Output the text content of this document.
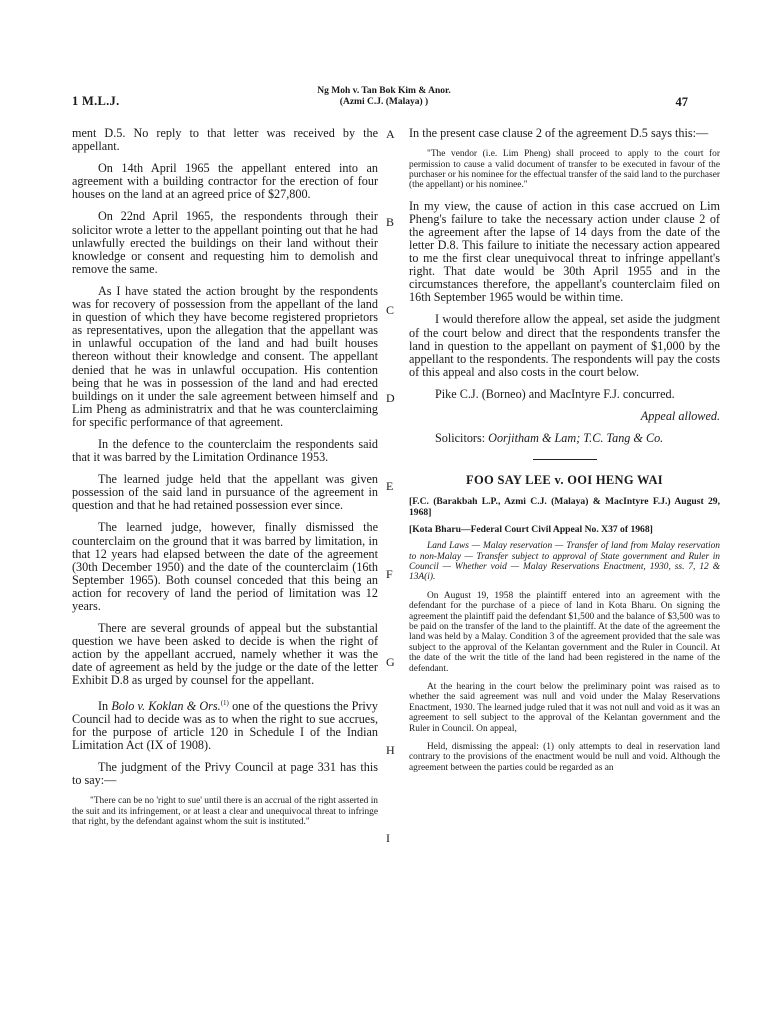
1 M.L.J.
Ng Moh v. Tan Bok Kim & Anor.
(Azmi C.J. (Malaya) )	47

ment D.5. No reply to that letter was received by the appellant.

On 14th April 1965 the appellant entered into an agreement with a building contractor for the erection of four houses on the land at an agreed price of $27,800.

On 22nd April 1965, the respondents through their solicitor wrote a letter to the appellant pointing out that he had unlawfully erected the buildings on their land without their knowledge or consent and requesting him to demolish and remove the same.

As I have stated the action brought by the respondents was for recovery of possession from the appellant of the land in question of which they have become registered proprietors as representatives, upon the allegation that the appellant was in unlawful occupation of the land and had built houses thereon without their knowledge and consent. The appellant denied that he was in unlawful occupation. His contention being that he was in possession of the land and had erected buildings on it under the sale agreement between himself and Lim Pheng as administratrix and that he was counterclaiming for specific performance of that agreement.

In the defence to the counterclaim the respondents said that it was barred by the Limitation Ordinance 1953.

The learned judge held that the appellant was given possession of the said land in pursuance of the agreement in question and that he had retained possession ever since.

The learned judge, however, finally dismissed the counterclaim on the ground that it was barred by limitation, in that 12 years had elapsed between the date of the agreement (30th December 1950) and the date of the counterclaim (16th September 1965). Both counsel conceded that this being an action for recovery of land the period of limitation was 12 years.

There are several grounds of appeal but the substantial question we have been asked to decide is when the right of action by the appellant accrued, namely whether it was the date of agreement as held by the judge or the date of the letter Exhibit D.8 as urged by counsel for the appellant.

In Bolo v. Koklan & Ors.$^{(1)}$ one of the questions the Privy Council had to decide was as to when the right to sue accrues, for the purpose of article 120 in Schedule I of the Indian Limitation Act (IX of 1908).

The judgment of the Privy Council at page 331 has this to say:—

"There can be no 'right to sue' until there is an accrual of the right asserted in the suit and its infringement, or at least a clear and unequivocal threat to infringe that right, by the defendant against whom the suit is instituted."
A
B
C
D
E
F
G
H
I

In the present case clause 2 of the agreement D.5 says this:—

"The vendor (i.e. Lim Pheng) shall proceed to apply to the court for permission to cause a valid document of transfer to be executed in favour of the purchaser or his nominee for the effectual transfer of the said land to the purchaser (the appellant) or his nominee."

In my view, the cause of action in this case accrued on Lim Pheng's failure to take the necessary action under clause 2 of the agreement after the lapse of 14 days from the date of the letter D.8. This failure to initiate the necessary action appeared to me the first clear unequivocal threat to infringe appellant's right. That date would be 30th April 1955 and in the circumstances therefore, the appellant's counterclaim filed on 16th September 1965 would be within time.

I would therefore allow the appeal, set aside the judgment of the court below and direct that the respondents transfer the land in question to the appellant on payment of $1,000 by the appellant to the respondents. The respondents will pay the costs of this appeal and also costs in the court below.

Pike C.J. (Borneo) and MacIntyre F.J. concurred.

Appeal allowed.

Solicitors: Oorjitham & Lam; T.C. Tang & Co.

FOO SAY LEE v. OOI HENG WAI
[F.C. (Barakbah L.P., Azmi C.J. (Malaya) & MacIntyre F.J.) August 29, 1968]
[Kota Bharu—Federal Court Civil Appeal No. X37 of 1968]
Land Laws — Malay reservation — Transfer of land from Malay reservation to non-Malay — Transfer subject to approval of State government and Ruler in Council — Whether void — Malay Reservations Enactment, 1930, ss. 7, 12 & 13A(i).
On August 19, 1958 the plaintiff entered into an agreement with the defendant for the purchase of a piece of land in Kota Bharu. On signing the agreement the plaintiff paid the defendant $1,500 and the balance of $3,500 was to be paid on the transfer of the land to the plaintiff. At the date of the agreement the land was held by a Malay. Condition 3 of the agreement provided that the sale was subject to the approval of the Kelantan government and the Ruler in Council. At the date of the writ the title of the land had been registered in the name of the defendant.
At the hearing in the court below the preliminary point was raised as to whether the said agreement was null and void under the Malay Reservations Enactment, 1930. The learned judge ruled that it was not null and void as it was an agreement to sell subject to the approval of the Kelantan government and the Ruler in Council. On appeal,
Held, dismissing the appeal: (1) only attempts to deal in reservation land contrary to the provisions of the enactment would be null and void. Although the agreement between the parties could be regarded as an
